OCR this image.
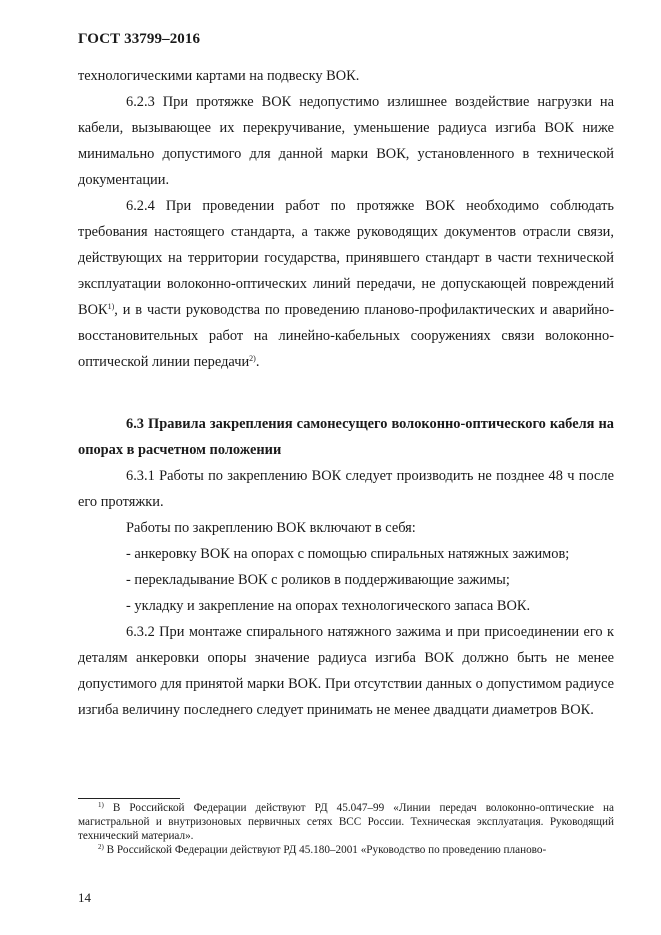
ГОСТ 33799–2016

технологическими картами на подвеску ВОК.

6.2.3 При протяжке ВОК недопустимо излишнее воздействие нагрузки на кабели, вызывающее их перекручивание, уменьшение радиуса изгиба ВОК ниже минимально допустимого для данной марки ВОК, установленного в технической документации.

6.2.4 При проведении работ по протяжке ВОК необходимо соблюдать требования настоящего стандарта, а также руководящих документов отрасли связи, действующих на территории государства, принявшего стандарт в части технической эксплуатации волоконно-оптических линий передачи, не допускающей повреждений ВОК$^{1)}$, и в части руководства по проведению планово-профилактических и аварийно-восстановительных работ на линейно-кабельных сооружениях связи волоконно-оптической линии передачи$^{2)}$.

6.3 Правила закрепления самонесущего волоконно-оптического кабеля на опорах в расчетном положении

6.3.1 Работы по закреплению ВОК следует производить не позднее 48 ч после его протяжки.

Работы по закреплению ВОК включают в себя:

- анкеровку ВОК на опорах с помощью спиральных натяжных зажимов;

- перекладывание ВОК с роликов в поддерживающие зажимы;

- укладку и закрепление на опорах технологического запаса ВОК.

6.3.2 При монтаже спирального натяжного зажима и при присоединении его к деталям анкеровки опоры значение радиуса изгиба ВОК должно быть не менее допустимого для принятой марки ВОК. При отсутствии данных о допустимом радиусе изгиба величину последнего следует принимать не менее двадцати диаметров ВОК.

$^{1)}$ В Российской Федерации действуют РД 45.047–99 «Линии передач волоконно-оптические на магистральной и внутризоновых первичных сетях ВСС России. Техническая эксплуатация. Руководящий технический материал».

$^{2)}$ В Российской Федерации действуют РД 45.180–2001 «Руководство по проведению планово-

14
